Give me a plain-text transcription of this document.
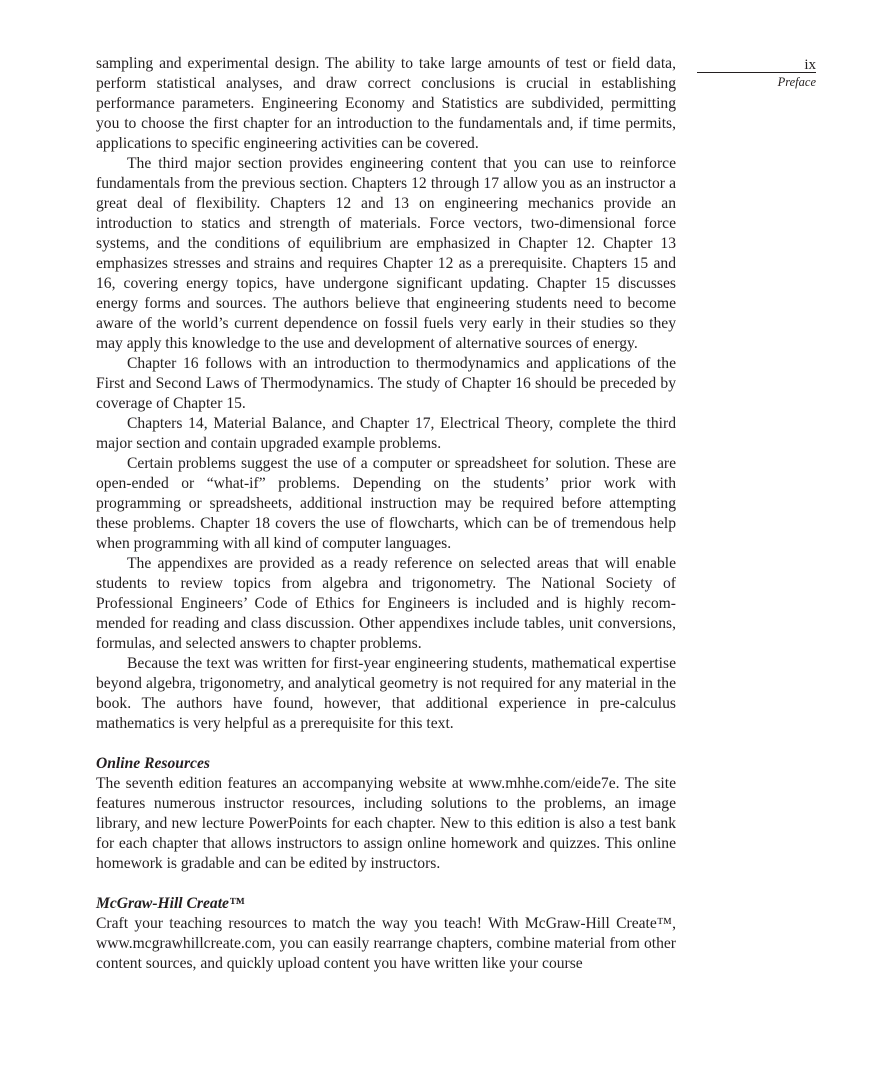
ix
Preface

sampling and experimental design. The ability to take large amounts of test or field data, perform statistical analyses, and draw correct conclusions is crucial in establishing performance parameters. Engineering Economy and Statistics are subdivided, permitting you to choose the first chapter for an introduction to the fundamentals and, if time permits, applications to specific engineering activities can be covered.

The third major section provides engineering content that you can use to reinforce fundamentals from the previous section. Chapters 12 through 17 allow you as an instructor a great deal of flexibility. Chapters 12 and 13 on engineering mechanics provide an introduction to statics and strength of materials. Force vectors, two-dimensional force systems, and the conditions of equilibrium are emphasized in Chapter 12. Chapter 13 emphasizes stresses and strains and requires Chapter 12 as a prerequisite. Chapters 15 and 16, covering energy topics, have undergone significant updating. Chapter 15 discusses energy forms and sources. The authors believe that engineering students need to become aware of the world’s current dependence on fossil fuels very early in their studies so they may apply this knowledge to the use and development of alternative sources of energy.

Chapter 16 follows with an introduction to thermodynamics and applications of the First and Second Laws of Thermodynamics. The study of Chapter 16 should be preceded by coverage of Chapter 15.

Chapters 14, Material Balance, and Chapter 17, Electrical Theory, complete the third major section and contain upgraded example problems.

Certain problems suggest the use of a computer or spreadsheet for solution. These are open-ended or “what-if” problems. Depending on the students’ prior work with programming or spreadsheets, additional instruction may be required before attempting these problems. Chapter 18 covers the use of flowcharts, which can be of tremendous help when programming with all kind of computer languages.

The appendixes are provided as a ready reference on selected areas that will enable students to review topics from algebra and trigonometry. The National Society of Professional Engineers’ Code of Ethics for Engineers is included and is highly recommended for reading and class discussion. Other appendixes include tables, unit conversions, formulas, and selected answers to chapter problems.

Because the text was written for first-year engineering students, mathematical expertise beyond algebra, trigonometry, and analytical geometry is not required for any material in the book. The authors have found, however, that additional experience in pre-calculus mathematics is very helpful as a prerequisite for this text.

Online Resources

The seventh edition features an accompanying website at www.mhhe.com/eide7e. The site features numerous instructor resources, including solutions to the problems, an image library, and new lecture PowerPoints for each chapter. New to this edition is also a test bank for each chapter that allows instructors to assign online homework and quizzes. This online homework is gradable and can be edited by instructors.

McGraw-Hill Create™

Craft your teaching resources to match the way you teach! With McGraw-Hill Create™, www.mcgrawhillcreate.com, you can easily rearrange chapters, combine material from other content sources, and quickly upload content you have written like your course
